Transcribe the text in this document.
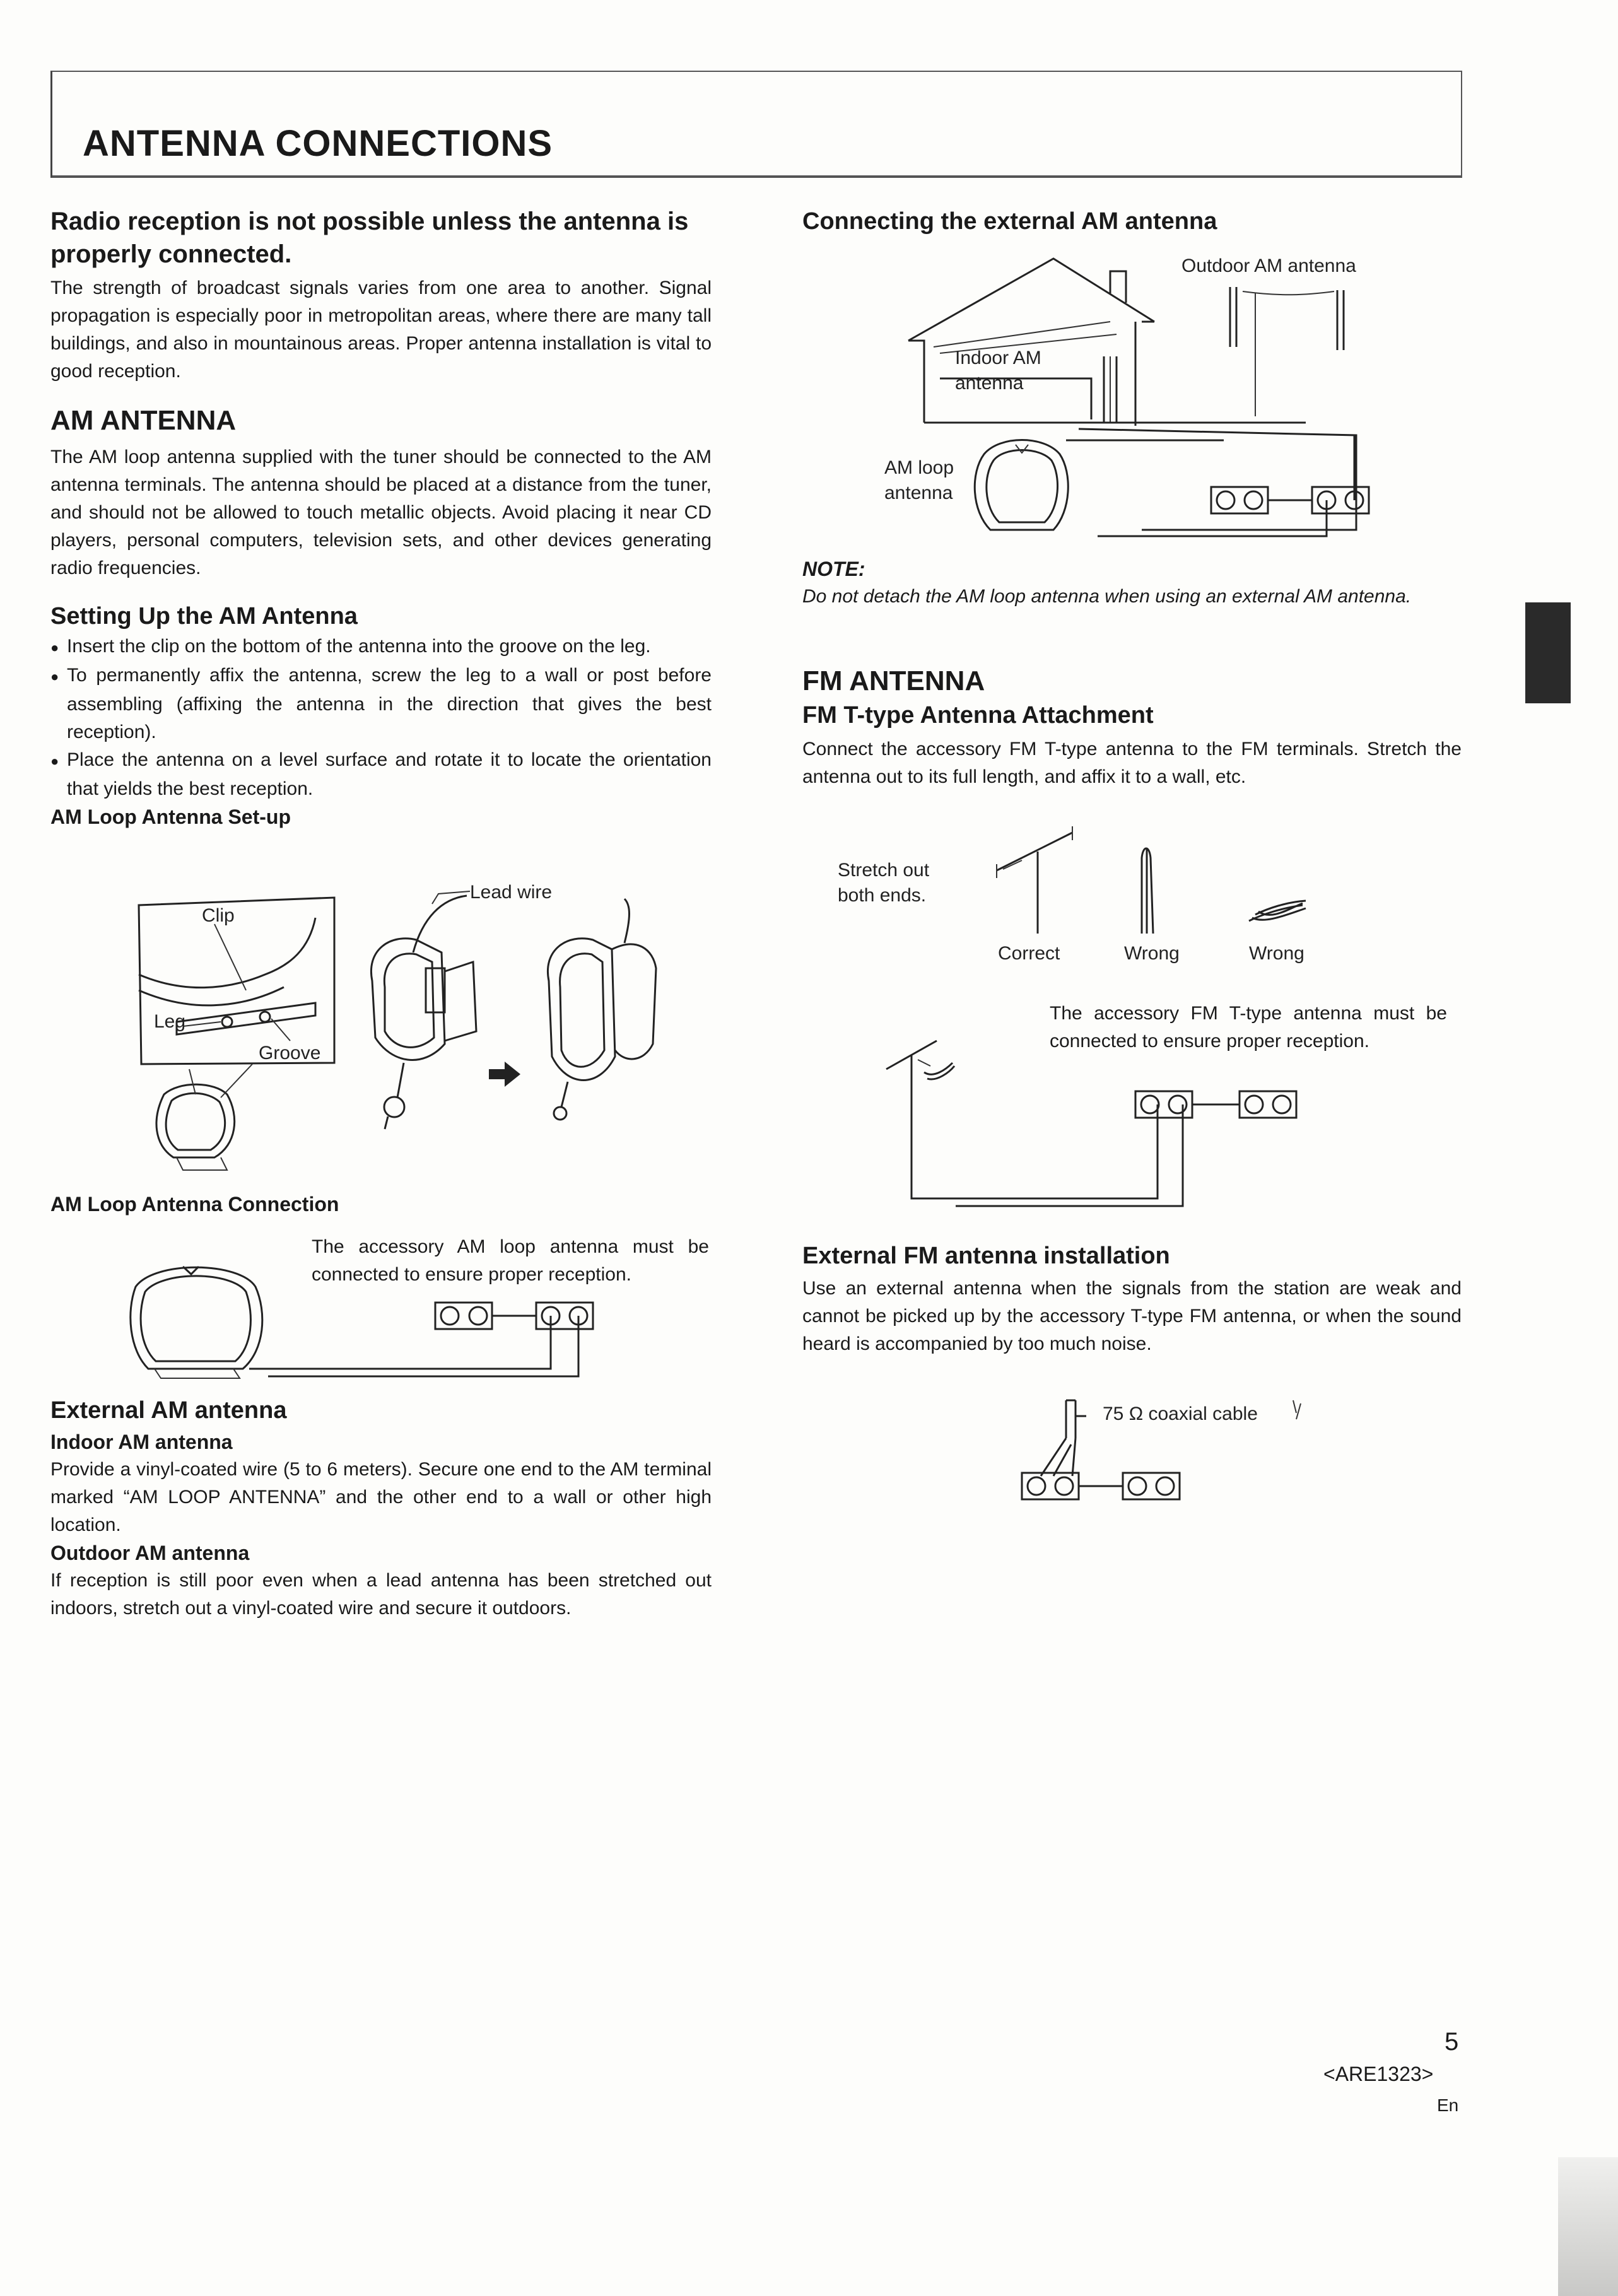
ANTENNA CONNECTIONS
Radio reception is not possible unless the antenna is properly connected.
The strength of broadcast signals varies from one area to another. Signal propagation is especially poor in metropolitan areas, where there are many tall buildings, and also in mountainous areas. Proper antenna installation is vital to good reception.
AM ANTENNA
The AM loop antenna supplied with the tuner should be connected to the AM antenna terminals. The antenna should be placed at a distance from the tuner, and should not be allowed to touch metallic objects. Avoid placing it near CD players, personal computers, television sets, and other devices generating radio frequencies.
Setting Up the AM Antenna
● Insert the clip on the bottom of the antenna into the groove on the leg.
● To permanently affix the antenna, screw the leg to a wall or post before assembling (affixing the antenna in the direction that gives the best reception).
● Place the antenna on a level surface and rotate it to locate the orientation that yields the best reception.
AM Loop Antenna Set-up
Clip
Leg
Groove
Lead wire
AM Loop Antenna Connection
The accessory AM loop antenna must be connected to ensure proper reception.
External AM antenna
Indoor AM antenna
Provide a vinyl-coated wire (5 to 6 meters). Secure one end to the AM terminal marked “AM LOOP ANTENNA” and the other end to a wall or other high location.
Outdoor AM antenna
If reception is still poor even when a lead antenna has been stretched out indoors, stretch out a vinyl-coated wire and secure it outdoors.
Connecting the external AM antenna
Outdoor AM antenna
Indoor AM
antenna
AM loop
antenna
NOTE:
Do not detach the AM loop antenna when using an external AM antenna.
FM ANTENNA
FM T-type Antenna Attachment
Connect the accessory FM T-type antenna to the FM terminals. Stretch the antenna out to its full length, and affix it to a wall, etc.
Stretch out
both ends.
Correct	Wrong	Wrong
The accessory FM T-type antenna must be connected to ensure proper reception.
External FM antenna installation
Use an external antenna when the signals from the station are weak and cannot be picked up by the accessory T-type FM antenna, or when the sound heard is accompanied by too much noise.
75 Ω coaxial cable
5
<ARE1323>
En
